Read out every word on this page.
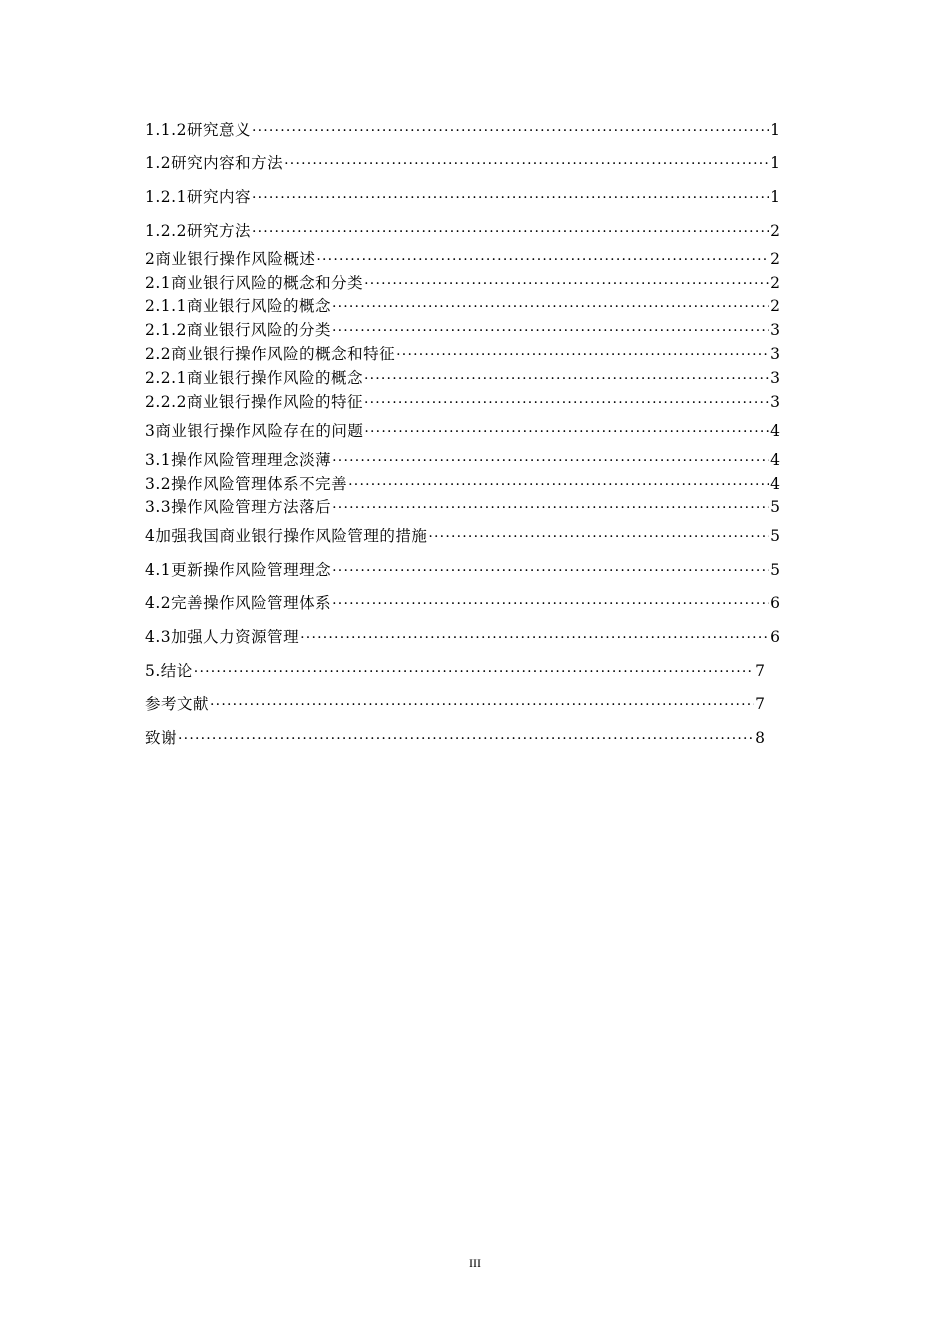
1.1.2研究意义 ·····	1
1.2研究内容和方法 ·····	1
1.2.1研究内容 ·····	1
1.2.2研究方法 ·····	2
2商业银行操作风险概述 ·····	2
2.1商业银行风险的概念和分类 ·····	2
2.1.1商业银行风险的概念 ·····	2
2.1.2商业银行风险的分类 ·····	3
2.2商业银行操作风险的概念和特征 ·····	3
2.2.1商业银行操作风险的概念 ·····	3
2.2.2商业银行操作风险的特征 ·····	3
3商业银行操作风险存在的问题 ·····	4
3.1操作风险管理理念淡薄 ·····	4
3.2操作风险管理体系不完善 ·····	4
3.3操作风险管理方法落后 ·····	5
4加强我国商业银行操作风险管理的措施 ·····	5
4.1更新操作风险管理理念 ·····	5
4.2完善操作风险管理体系 ·····	6
4.3加强人力资源管理 ·····	6
5.结论 ·····	7
参考文献 ·····	7
致谢 ·····	8
III
